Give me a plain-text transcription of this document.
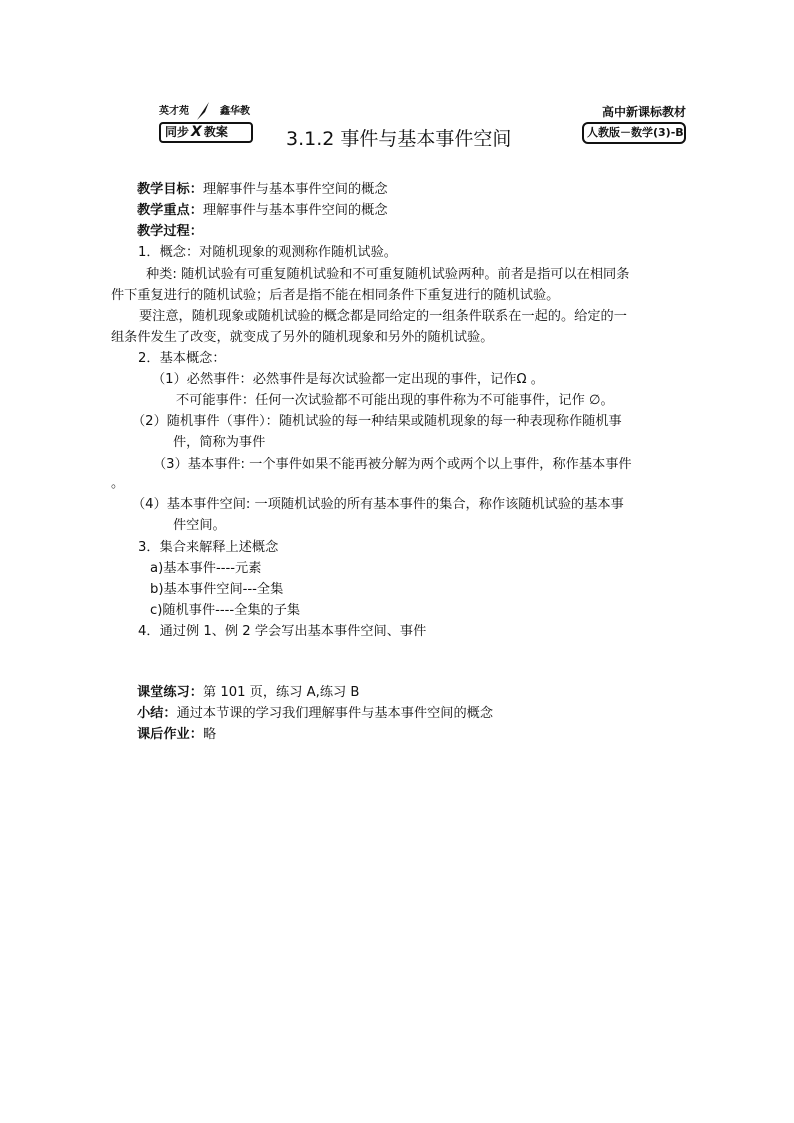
英才苑	鑫华教
同步 X 教案	3.1.2 事件与基本事件空间
高中新课标教材
人教版－数学(3)-B
教学目标：理解事件与基本事件空间的概念
教学重点：理解事件与基本事件空间的概念
教学过程：
1．概念：对随机现象的观测称作随机试验。
种类: 随机试验有可重复随机试验和不可重复随机试验两种。前者是指可以在相同条
件下重复进行的随机试验；后者是指不能在相同条件下重复进行的随机试验。
要注意，随机现象或随机试验的概念都是同给定的一组条件联系在一起的。给定的一
组条件发生了改变，就变成了另外的随机现象和另外的随机试验。
2．基本概念：
（1）必然事件：必然事件是每次试验都一定出现的事件，记作Ω 。
不可能事件：任何一次试验都不可能出现的事件称为不可能事件，记作 ∅。
（2）随机事件（事件）：随机试验的每一种结果或随机现象的每一种表现称作随机事
件，简称为事件
（3）基本事件: 一个事件如果不能再被分解为两个或两个以上事件，称作基本事件
。
（4）基本事件空间: 一项随机试验的所有基本事件的集合，称作该随机试验的基本事
件空间。
3．集合来解释上述概念
a)基本事件----元素
b)基本事件空间---全集
c)随机事件----全集的子集
4．通过例 1、例 2 学会写出基本事件空间、事件
课堂练习：第 101 页，练习 A,练习 B
小结：通过本节课的学习我们理解事件与基本事件空间的概念
课后作业：略
